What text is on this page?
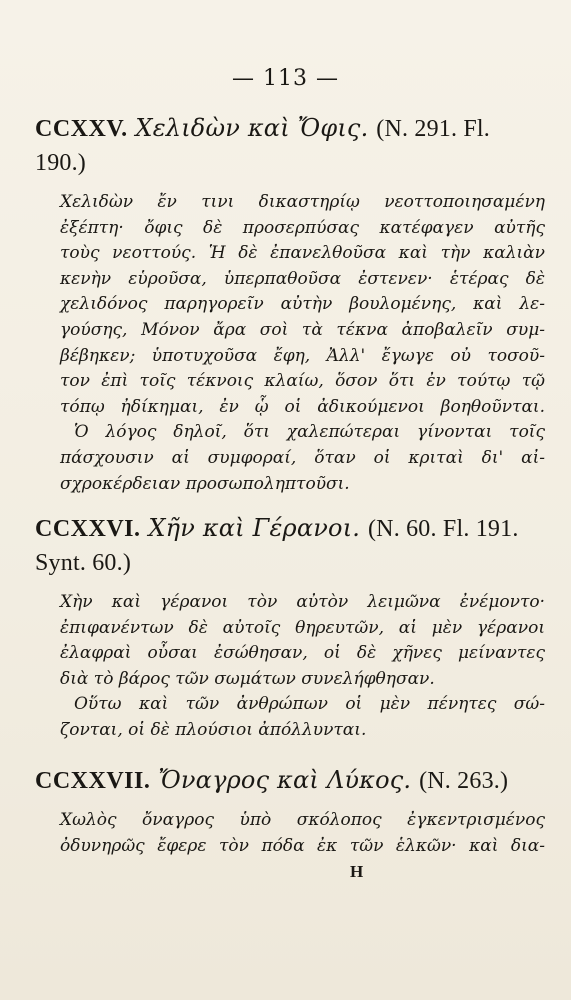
— 113 —

CCXXV. Χελιδὼν καὶ Ὄφις. (N. 291. Fl. 190.)

Χελιδὼν ἔν τινι δικαστηρίῳ νεοττοποιησαμένη
ἐξέπτη· ὄφις δὲ προσερπύσας κατέφαγεν αὐτῆς
τοὺς νεοττούς. Ἡ δὲ ἐπανελθοῦσα καὶ τὴν καλιὰν
κενὴν εὑροῦσα, ὑπερπαθοῦσα ἐστενεν· ἑτέρας δὲ
χελιδόνος παρηγορεῖν αὐτὴν βουλομένης, καὶ λε-
γούσης, Μόνον ἄρα σοὶ τὰ τέκνα ἀποβαλεῖν συμ-
βέβηκεν; ὑποτυχοῦσα ἔφη, Ἀλλ' ἔγωγε οὐ τοσοῦ-
τον ἐπὶ τοῖς τέκνοις κλαίω, ὅσον ὅτι ἐν τούτῳ τῷ
τόπῳ ἠδίκημαι, ἐν ᾧ οἱ ἀδικούμενοι βοηθοῦνται.
Ὁ λόγος δηλοῖ, ὅτι χαλεπώτεραι γίνονται τοῖς
πάσχουσιν αἱ συμφοραί, ὅταν οἱ κριταὶ δι' αἰ-
σχροκέρδειαν προσωποληπτοῦσι.

CCXXVI. Χῆν καὶ Γέρανοι. (N. 60. Fl. 191. Synt. 60.)

Χὴν καὶ γέρανοι τὸν αὐτὸν λειμῶνα ἐνέμοντο·
ἐπιφανέντων δὲ αὐτοῖς θηρευτῶν, αἱ μὲν γέρανοι
ἐλαφραὶ οὖσαι ἐσώθησαν, οἱ δὲ χῆνες μείναντες
διὰ τὸ βάρος τῶν σωμάτων συνελήφθησαν.
Οὕτω καὶ τῶν ἀνθρώπων οἱ μὲν πένητες σώ-
ζονται, οἱ δὲ πλούσιοι ἀπόλλυνται.

CCXXVII. Ὄναγρος καὶ Λύκος. (N. 263.)

Χωλὸς ὄναγρος ὑπὸ σκόλοπος ἐγκεντρισμένος
ὀδυνηρῶς ἔφερε τὸν πόδα ἐκ τῶν ἑλκῶν· καὶ δια-
H
